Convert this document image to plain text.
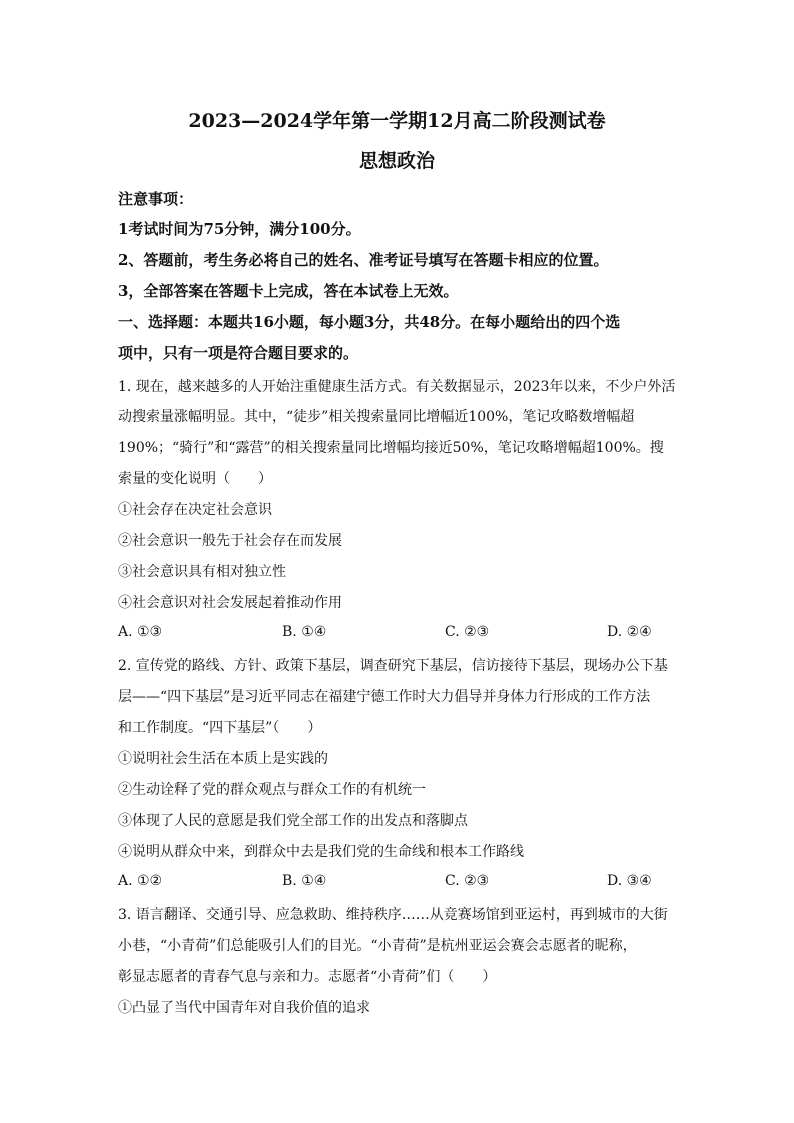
2023—2024学年第一学期12月高二阶段测试卷
思想政治
注意事项：
1考试时间为75分钟，满分100分。
2、答题前，考生务必将自己的姓名、准考证号填写在答题卡相应的位置。
3，全部答案在答题卡上完成，答在本试卷上无效。
一、选择题：本题共16小题，每小题3分，共48分。在每小题给出的四个选
项中，只有一项是符合题目要求的。
1. 现在，越来越多的人开始注重健康生活方式。有关数据显示，2023年以来，不少户外活
动搜索量涨幅明显。其中，“徒步”相关搜索量同比增幅近100%，笔记攻略数增幅超
190%；“骑行”和“露营”的相关搜索量同比增幅均接近50%，笔记攻略增幅超100%。搜
索量的变化说明（　　）
①社会存在决定社会意识
②社会意识一般先于社会存在而发展
③社会意识具有相对独立性
④社会意识对社会发展起着推动作用
A. ①③	B. ①④	C. ②③	D. ②④
2. 宣传党的路线、方针、政策下基层，调查研究下基层，信访接待下基层，现场办公下基
层——“四下基层”是习近平同志在福建宁德工作时大力倡导并身体力行形成的工作方法
和工作制度。“四下基层”（　　）
①说明社会生活在本质上是实践的
②生动诠释了党的群众观点与群众工作的有机统一
③体现了人民的意愿是我们党全部工作的出发点和落脚点
④说明从群众中来，到群众中去是我们党的生命线和根本工作路线
A. ①②	B. ①④	C. ②③	D. ③④
3. 语言翻译、交通引导、应急救助、维持秩序……从竞赛场馆到亚运村，再到城市的大街
小巷，“小青荷”们总能吸引人们的目光。“小青荷”是杭州亚运会赛会志愿者的昵称，
彰显志愿者的青春气息与亲和力。志愿者“小青荷”们（　　）
①凸显了当代中国青年对自我价值的追求
